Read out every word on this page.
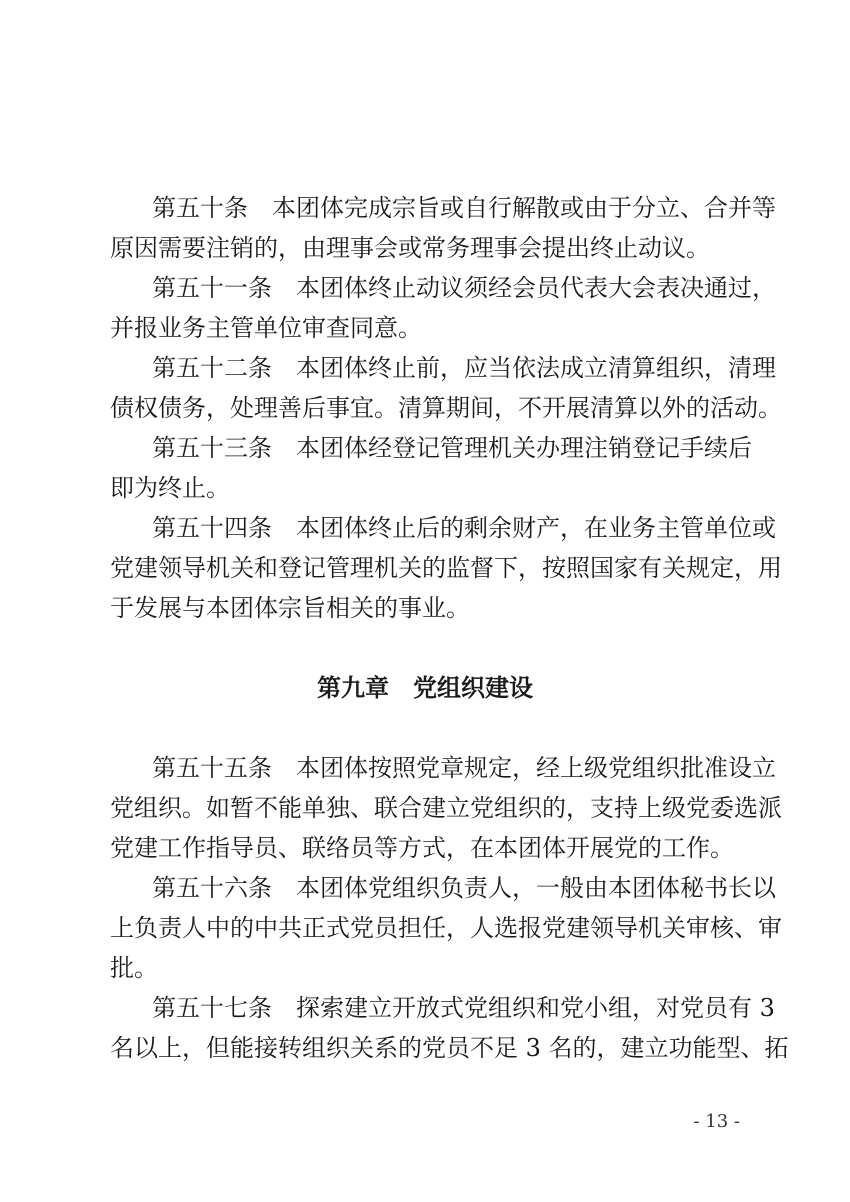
第五十条　本团体完成宗旨或自行解散或由于分立、合并等
原因需要注销的，由理事会或常务理事会提出终止动议。
第五十一条　本团体终止动议须经会员代表大会表决通过，
并报业务主管单位审查同意。
第五十二条　本团体终止前，应当依法成立清算组织，清理
债权债务，处理善后事宜。清算期间，不开展清算以外的活动。
第五十三条　本团体经登记管理机关办理注销登记手续后
即为终止。
第五十四条　本团体终止后的剩余财产，在业务主管单位或
党建领导机关和登记管理机关的监督下，按照国家有关规定，用
于发展与本团体宗旨相关的事业。
第九章　党组织建设
第五十五条　本团体按照党章规定，经上级党组织批准设立
党组织。如暂不能单独、联合建立党组织的，支持上级党委选派
党建工作指导员、联络员等方式，在本团体开展党的工作。
第五十六条　本团体党组织负责人，一般由本团体秘书长以
上负责人中的中共正式党员担任，人选报党建领导机关审核、审
批。
第五十七条　探索建立开放式党组织和党小组，对党员有 3
名以上，但能接转组织关系的党员不足 3 名的，建立功能型、拓
- 13 -
